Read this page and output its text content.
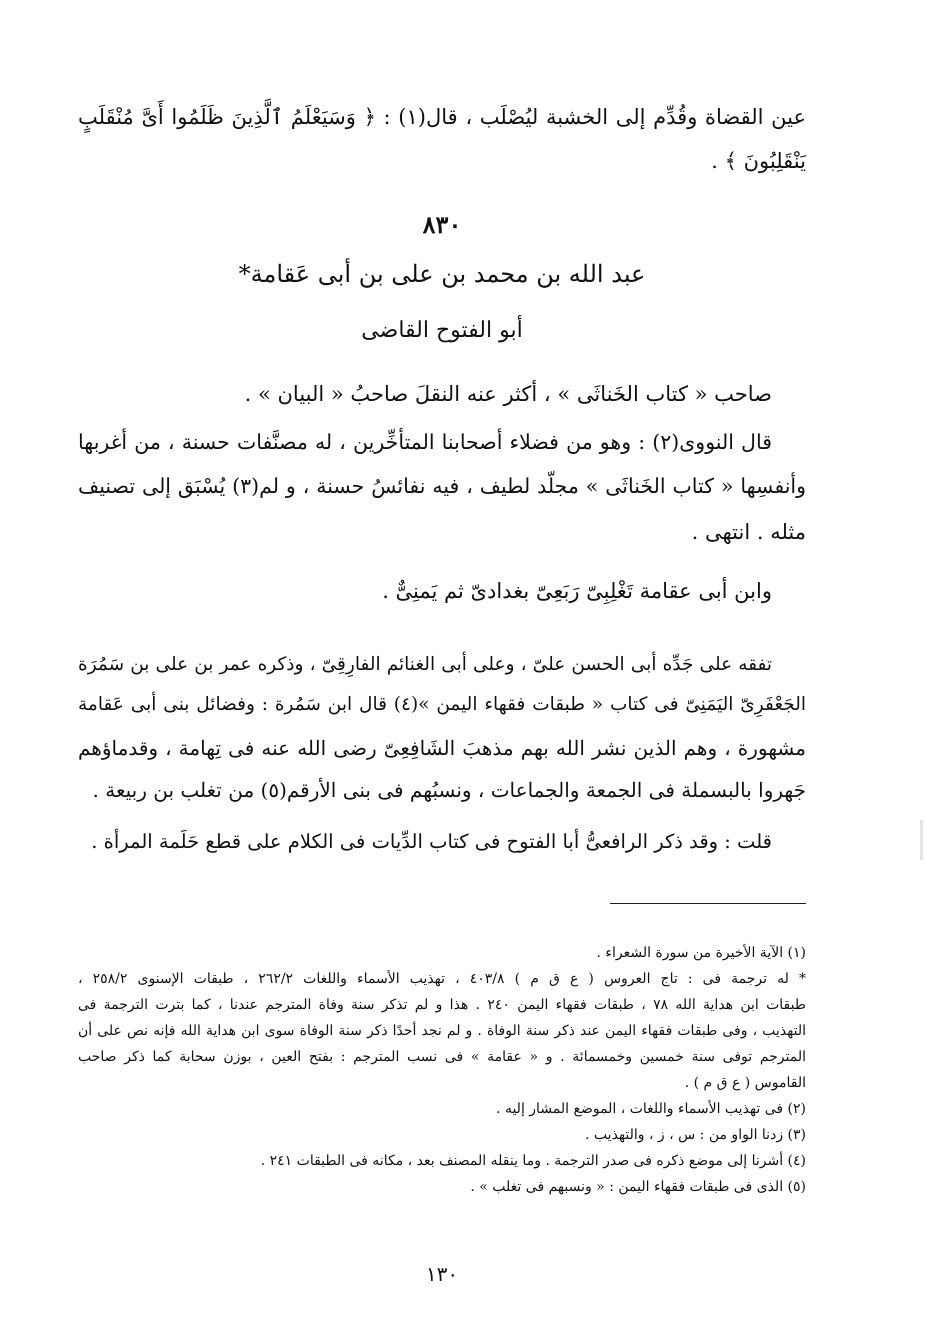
عين القضاة وقُدِّم إلى الخشبة ليُصْلَب ، قال(١) : ﴿ وَسَيَعْلَمُ ٱلَّذِينَ ظَلَمُوا أَىَّ مُنْقَلَبٍ
يَنْقَلِبُونَ ﴾ .
٨٣٠
عبد الله بن محمد بن على بن أبى عَقامة*
أبو الفتوح القاضى
صاحب « كتاب الخَناثَى » ، أكثر عنه النقلَ صاحبُ « البيان » .
قال النووى(٢) : وهو من فضلاء أصحابنا المتأخِّرين ، له مصنَّفات حسنة ، من أغربها
وأنفسِها « كتاب الخَناثَى » مجلّد لطيف ، فيه نفائسُ حسنة ، و لم(٣) يُسْبَق إلى تصنيف
مثله . انتهى .
وابن أبى عقامة تَغْلِبِىّ رَبَعِىّ بغدادىّ ثم يَمنِىٌّ .
تفقه على جَدِّه أبى الحسن علىّ ، وعلى أبى الغنائم الفارِقِىّ ، وذكره عمر بن على بن سَمُرَة
الجَعْفَرِىّ اليَمَنِىّ فى كتاب « طبقات فقهاء اليمن »(٤) قال ابن سَمُرة : وفضائل بنى أبى عَقامة
مشهورة ، وهم الذين نشر الله بهم مذهبَ الشَافِعِىّ رضى الله عنه فى تِهامة ، وقدماؤهم
جَهروا بالبسملة فى الجمعة والجماعات ، ونسبُهم فى بنى الأرقم(٥) من تغلب بن ربيعة .
قلت : وقد ذكر الرافعىُّ أبا الفتوح فى كتاب الدِّيات فى الكلام على قطع حَلَمة المرأة .
(١) الآية الأخيرة من سورة الشعراء .
* له ترجمة فى : تاج العروس ( ع ق م ) ٤٠٣/٨ ، تهذيب الأسماء واللغات ٢٦٢/٢ ، طبقات الإسنوى ٢٥٨/٢ ،
طبقات ابن هداية الله ٧٨ ، طبقات فقهاء اليمن ٢٤٠ . هذا و لم تذكر سنة وفاة المترجم عندنا ، كما بترت الترجمة فى
التهذيب ، وفى طبقات فقهاء اليمن عند ذكر سنة الوفاة . و لم نجد أحدًا ذكر سنة الوفاة سوى ابن هداية الله فإنه نص على أن
المترجم توفى سنة خمسين وخمسمائة . و « عقامة » فى نسب المترجم : بفتح العين ، بوزن سحابة كما ذكر صاحب
القاموس ( ع ق م ) .
(٢) فى تهذيب الأسماء واللغات ، الموضع المشار إليه .
(٣) زدنا الواو من : س ، ز ، والتهذيب .
(٤) أشرنا إلى موضع ذكره فى صدر الترجمة . وما ينقله المصنف بعد ، مكانه فى الطبقات ٢٤١ .
(٥) الذى فى طبقات فقهاء اليمن : « ونسبهم فى تغلب » .
١٣٠
